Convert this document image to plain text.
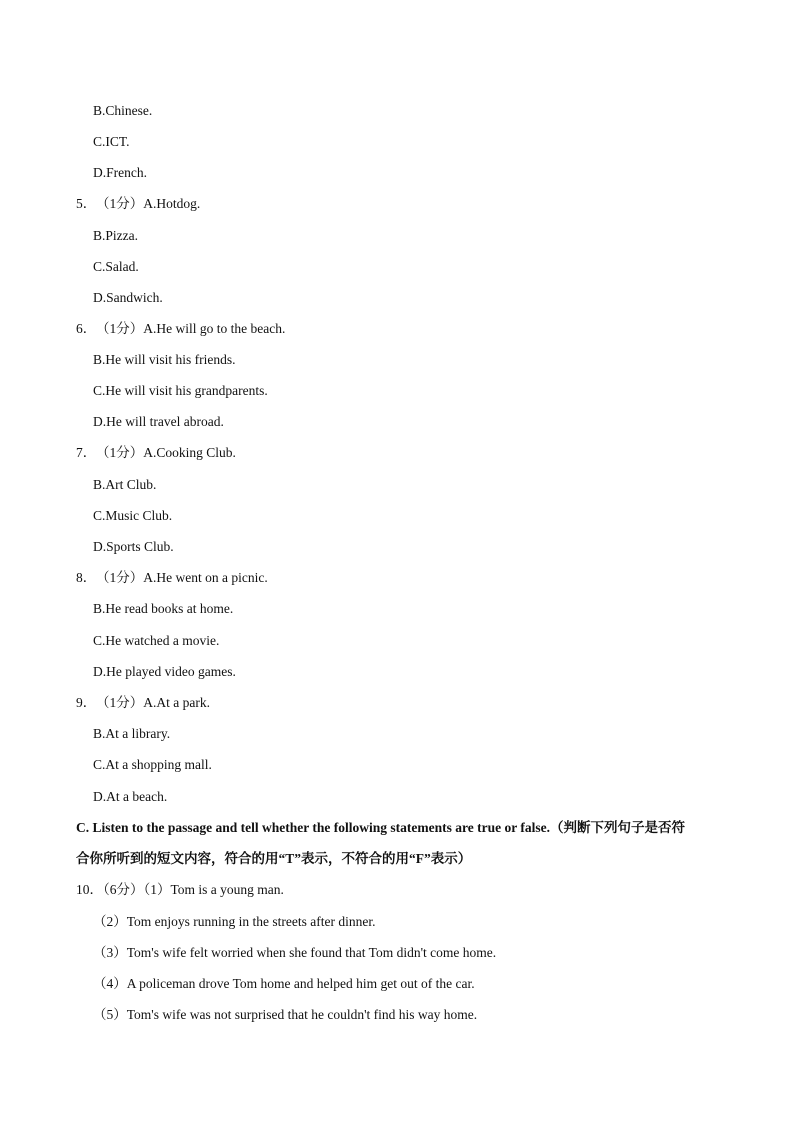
B.Chinese.
C.ICT.
D.French.
5．（1分）A.Hotdog.
B.Pizza.
C.Salad.
D.Sandwich.
6．（1分）A.He will go to the beach.
B.He will visit his friends.
C.He will visit his grandparents.
D.He will travel abroad.
7．（1分）A.Cooking Club.
B.Art Club.
C.Music Club.
D.Sports Club.
8．（1分）A.He went on a picnic.
B.He read books at home.
C.He watched a movie.
D.He played video games.
9．（1分）A.At a park.
B.At a library.
C.At a shopping mall.
D.At a beach.
C. Listen to the passage and tell whether the following statements are true or false.（判断下列句子是否符
合你所听到的短文内容，符合的用“T”表示，不符合的用“F”表示）
10．（6分）（1）Tom is a young man.
（2）Tom enjoys running in the streets after dinner.
（3）Tom's wife felt worried when she found that Tom didn't come home.
（4）A policeman drove Tom home and helped him get out of the car.
（5）Tom's wife was not surprised that he couldn't find his way home.
